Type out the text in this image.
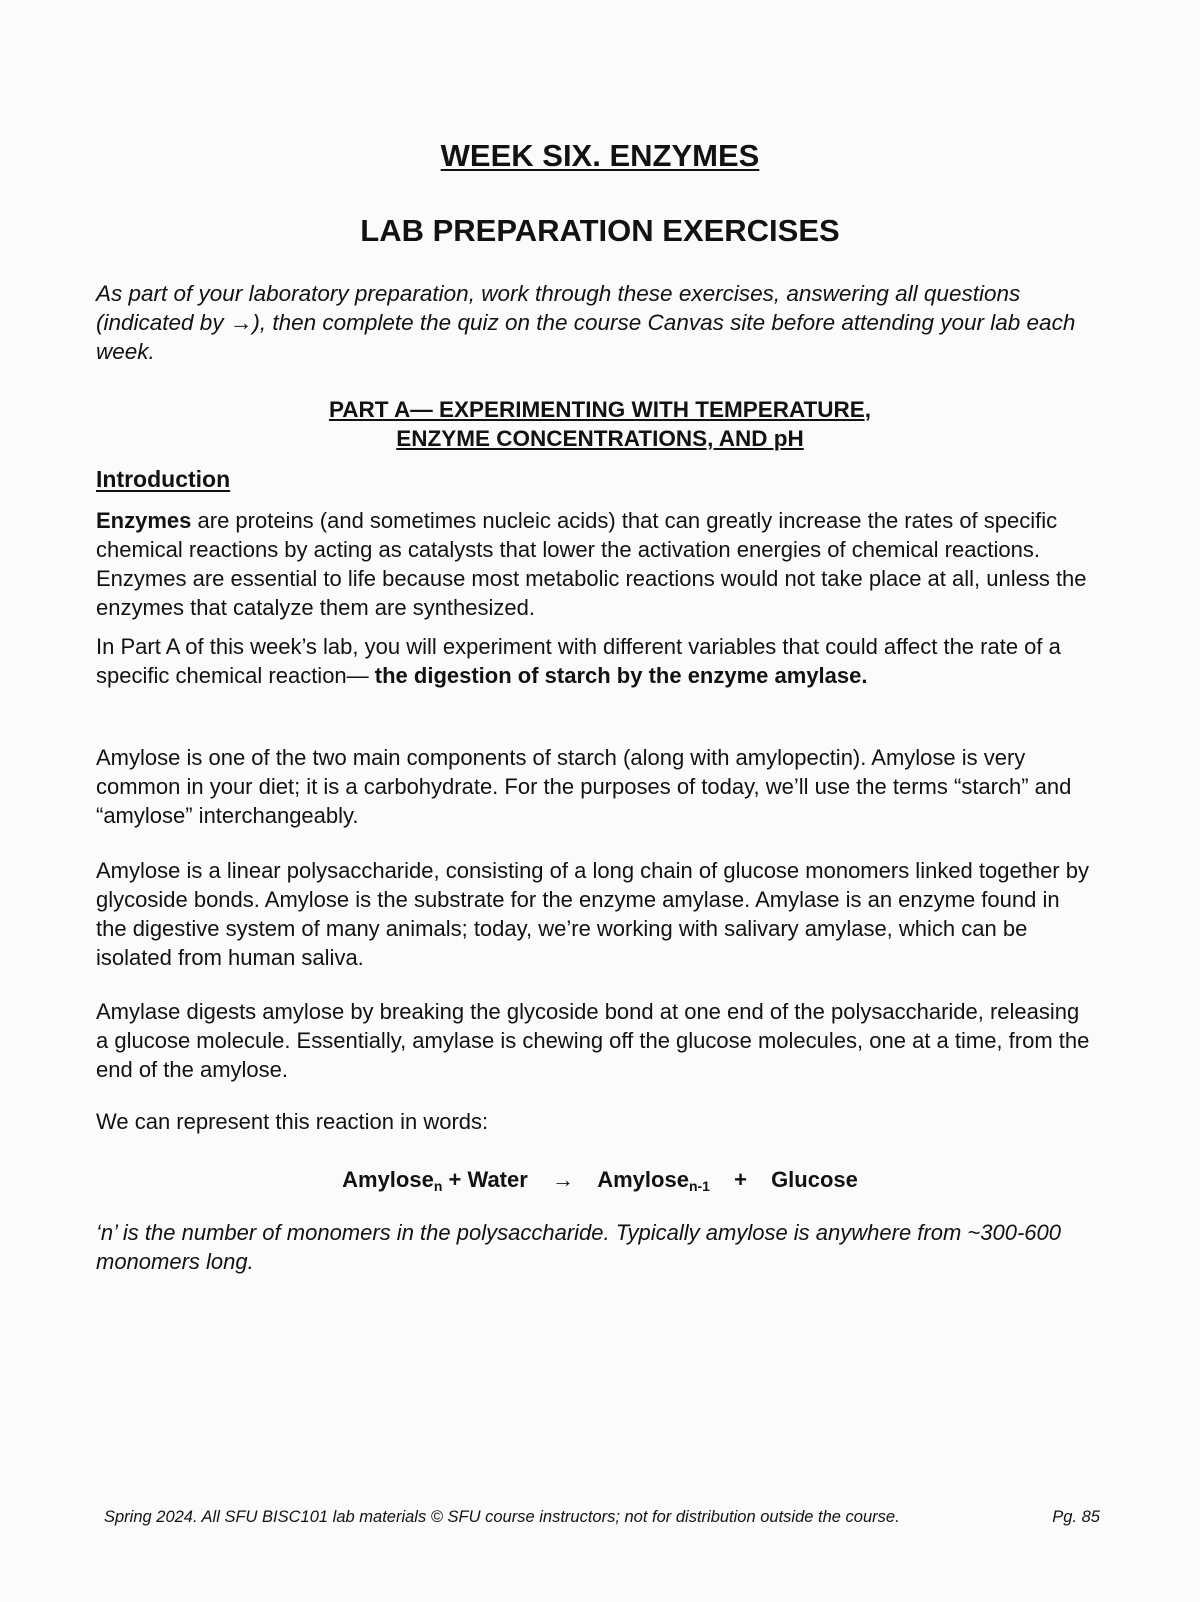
WEEK SIX. ENZYMES
LAB PREPARATION EXERCISES
As part of your laboratory preparation, work through these exercises, answering all questions (indicated by →), then complete the quiz on the course Canvas site before attending your lab each week.
PART A— EXPERIMENTING WITH TEMPERATURE,
ENZYME CONCENTRATIONS, AND pH
Introduction
Enzymes are proteins (and sometimes nucleic acids) that can greatly increase the rates of specific chemical reactions by acting as catalysts that lower the activation energies of chemical reactions. Enzymes are essential to life because most metabolic reactions would not take place at all, unless the enzymes that catalyze them are synthesized.
In Part A of this week’s lab, you will experiment with different variables that could affect the rate of a specific chemical reaction— the digestion of starch by the enzyme amylase.
Amylose is one of the two main components of starch (along with amylopectin). Amylose is very common in your diet; it is a carbohydrate. For the purposes of today, we’ll use the terms “starch” and “amylose” interchangeably.
Amylose is a linear polysaccharide, consisting of a long chain of glucose monomers linked together by glycoside bonds. Amylose is the substrate for the enzyme amylase. Amylase is an enzyme found in the digestive system of many animals; today, we’re working with salivary amylase, which can be isolated from human saliva.
Amylase digests amylose by breaking the glycoside bond at one end of the polysaccharide, releasing a glucose molecule. Essentially, amylase is chewing off the glucose molecules, one at a time, from the end of the amylose.
We can represent this reaction in words:
Amylose$_n$ + Water → Amylose$_{n-1}$ + Glucose
‘n’ is the number of monomers in the polysaccharide. Typically amylose is anywhere from ~300-600 monomers long.
Spring 2024. All SFU BISC101 lab materials © SFU course instructors; not for distribution outside the course.	Pg. 85
